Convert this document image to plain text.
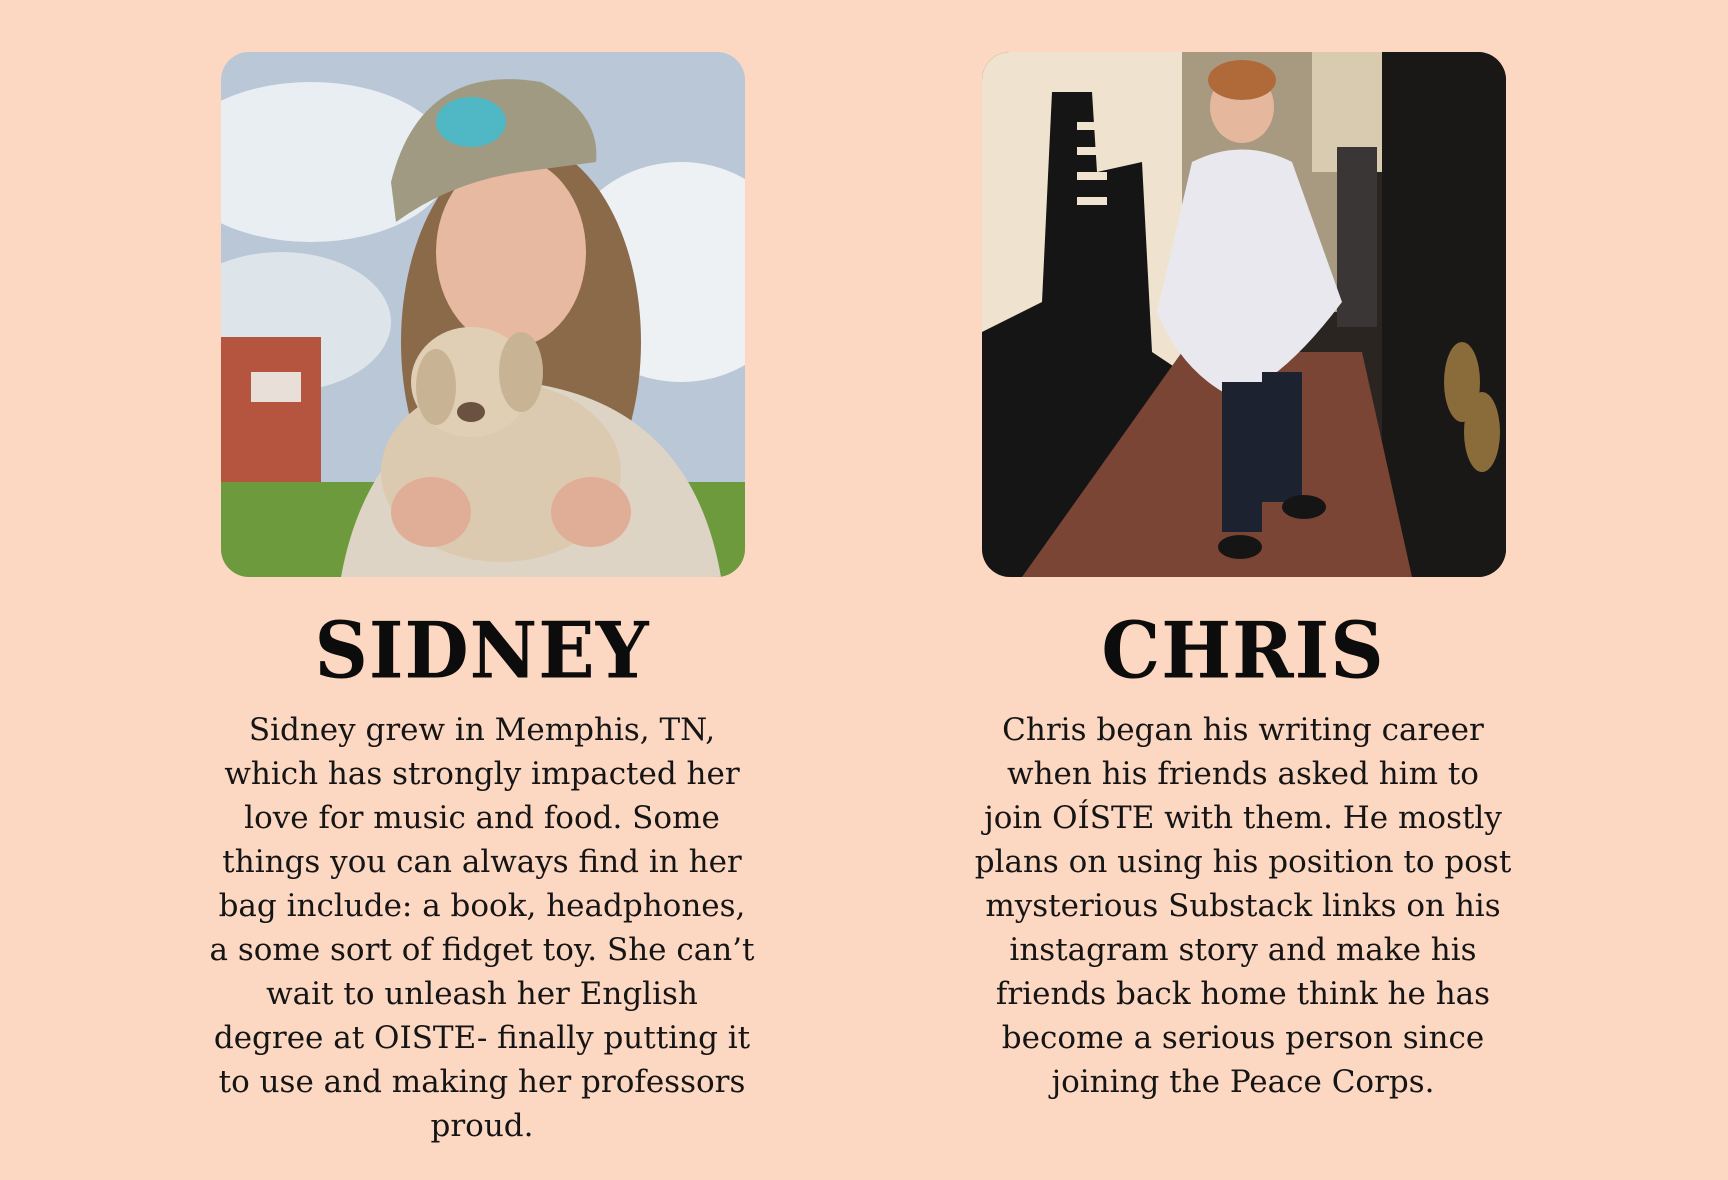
SIDNEY
Sidney grew in Memphis, TN,
which has strongly impacted her
love for music and food. Some
things you can always find in her
bag include: a book, headphones,
a some sort of fidget toy. She can’t
wait to unleash her English
degree at OISTE- finally putting it
to use and making her professors
proud.
CHRIS
Chris began his writing career
when his friends asked him to
join OÍSTE with them. He mostly
plans on using his position to post
mysterious Substack links on his
instagram story and make his
friends back home think he has
become a serious person since
joining the Peace Corps.
